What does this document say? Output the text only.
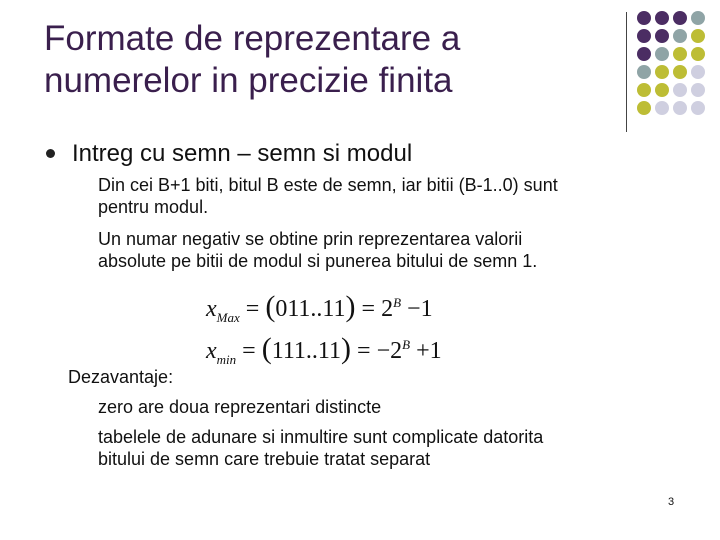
Formate de reprezentare a
numerelor in precizie finita
Intreg cu semn – semn si modul
Din cei B+1 biti, bitul B este de semn, iar bitii (B-1..0) sunt
pentru modul.
Un numar negativ se obtine prin reprezentarea valorii
absolute pe bitii de modul si punerea bitului de semn 1.
$x_{Max} = (011..11) = 2^B -1$
$x_{min} = (111..11) = -2^B +1$
Dezavantaje:
zero are doua reprezentari distincte
tabelele de adunare si inmultire sunt complicate datorita
bitului de semn care trebuie tratat separat
3
